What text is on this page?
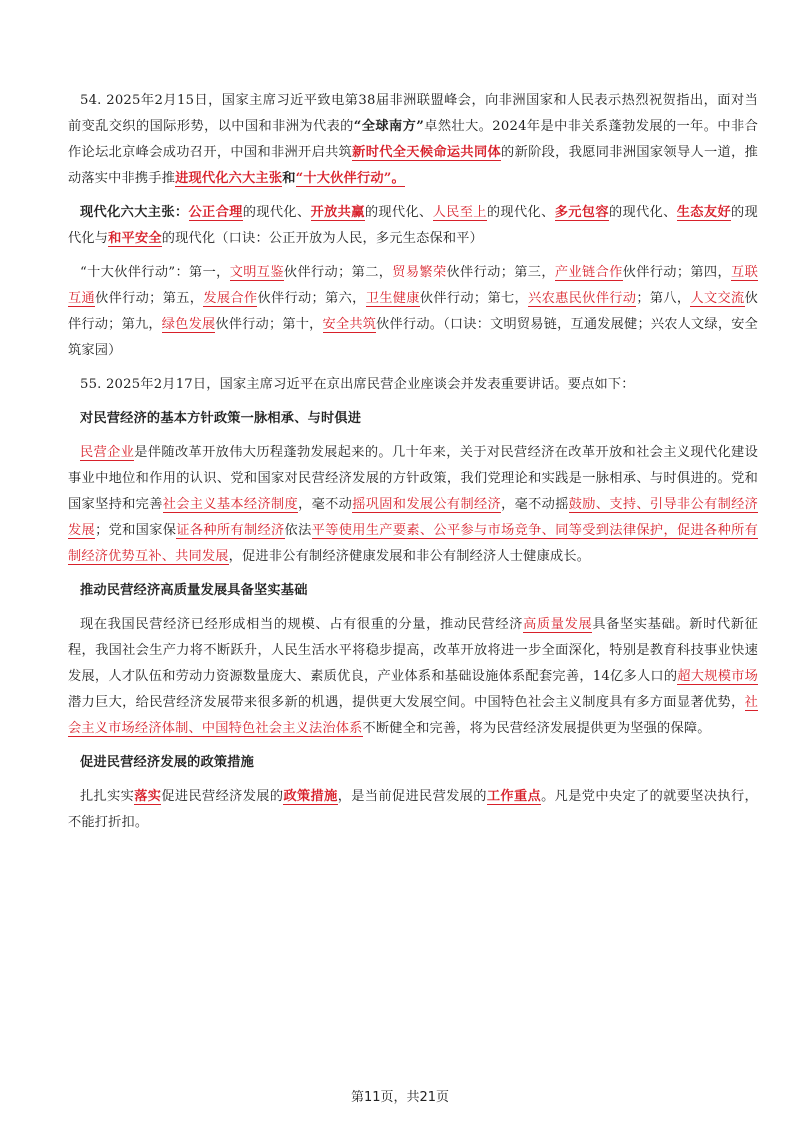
54. 2025年2月15日，国家主席习近平致电第38届非洲联盟峰会，向非洲国家和人民表示热烈祝贺指出，面对当前变乱交织的国际形势，以中国和非洲为代表的“全球南方”卓然壮大。2024年是中非关系蓬勃发展的一年。中非合作论坛北京峰会成功召开，中国和非洲开启共筑新时代全天候命运共同体的新阶段，我愿同非洲国家领导人一道，推动落实中非携手推进现代化六大主张和“十大伙伴行动”。

现代化六大主张：公正合理的现代化、开放共赢的现代化、人民至上的现代化、多元包容的现代化、生态友好的现代化与和平安全的现代化（口诀：公正开放为人民，多元生态保和平）

“十大伙伴行动”：第一，文明互鉴伙伴行动；第二，贸易繁荣伙伴行动；第三，产业链合作伙伴行动；第四，互联互通伙伴行动；第五，发展合作伙伴行动；第六，卫生健康伙伴行动；第七，兴农惠民伙伴行动；第八，人文交流伙伴行动；第九，绿色发展伙伴行动；第十，安全共筑伙伴行动。（口诀：文明贸易链，互通发展健；兴农人文绿，安全筑家园）

55. 2025年2月17日，国家主席习近平在京出席民营企业座谈会并发表重要讲话。要点如下：

对民营经济的基本方针政策一脉相承、与时俱进

民营企业是伴随改革开放伟大历程蓬勃发展起来的。几十年来，关于对民营经济在改革开放和社会主义现代化建设事业中地位和作用的认识、党和国家对民营经济发展的方针政策，我们党理论和实践是一脉相承、与时俱进的。党和国家坚持和完善社会主义基本经济制度，毫不动摇巩固和发展公有制经济，毫不动摇鼓励、支持、引导非公有制经济发展；党和国家保证各种所有制经济依法平等使用生产要素、公平参与市场竞争、同等受到法律保护，促进各种所有制经济优势互补、共同发展，促进非公有制经济健康发展和非公有制经济人士健康成长。

推动民营经济高质量发展具备坚实基础

现在我国民营经济已经形成相当的规模、占有很重的分量，推动民营经济高质量发展具备坚实基础。新时代新征程，我国社会生产力将不断跃升，人民生活水平将稳步提高，改革开放将进一步全面深化，特别是教育科技事业快速发展，人才队伍和劳动力资源数量庞大、素质优良，产业体系和基础设施体系配套完善，14亿多人口的超大规模市场潜力巨大，给民营经济发展带来很多新的机遇，提供更大发展空间。中国特色社会主义制度具有多方面显著优势，社会主义市场经济体制、中国特色社会主义法治体系不断健全和完善，将为民营经济发展提供更为坚强的保障。

促进民营经济发展的政策措施

扎扎实实落实促进民营经济发展的政策措施，是当前促进民营发展的工作重点。凡是党中央定了的就要坚决执行，不能打折扣。

第11页，共21页
